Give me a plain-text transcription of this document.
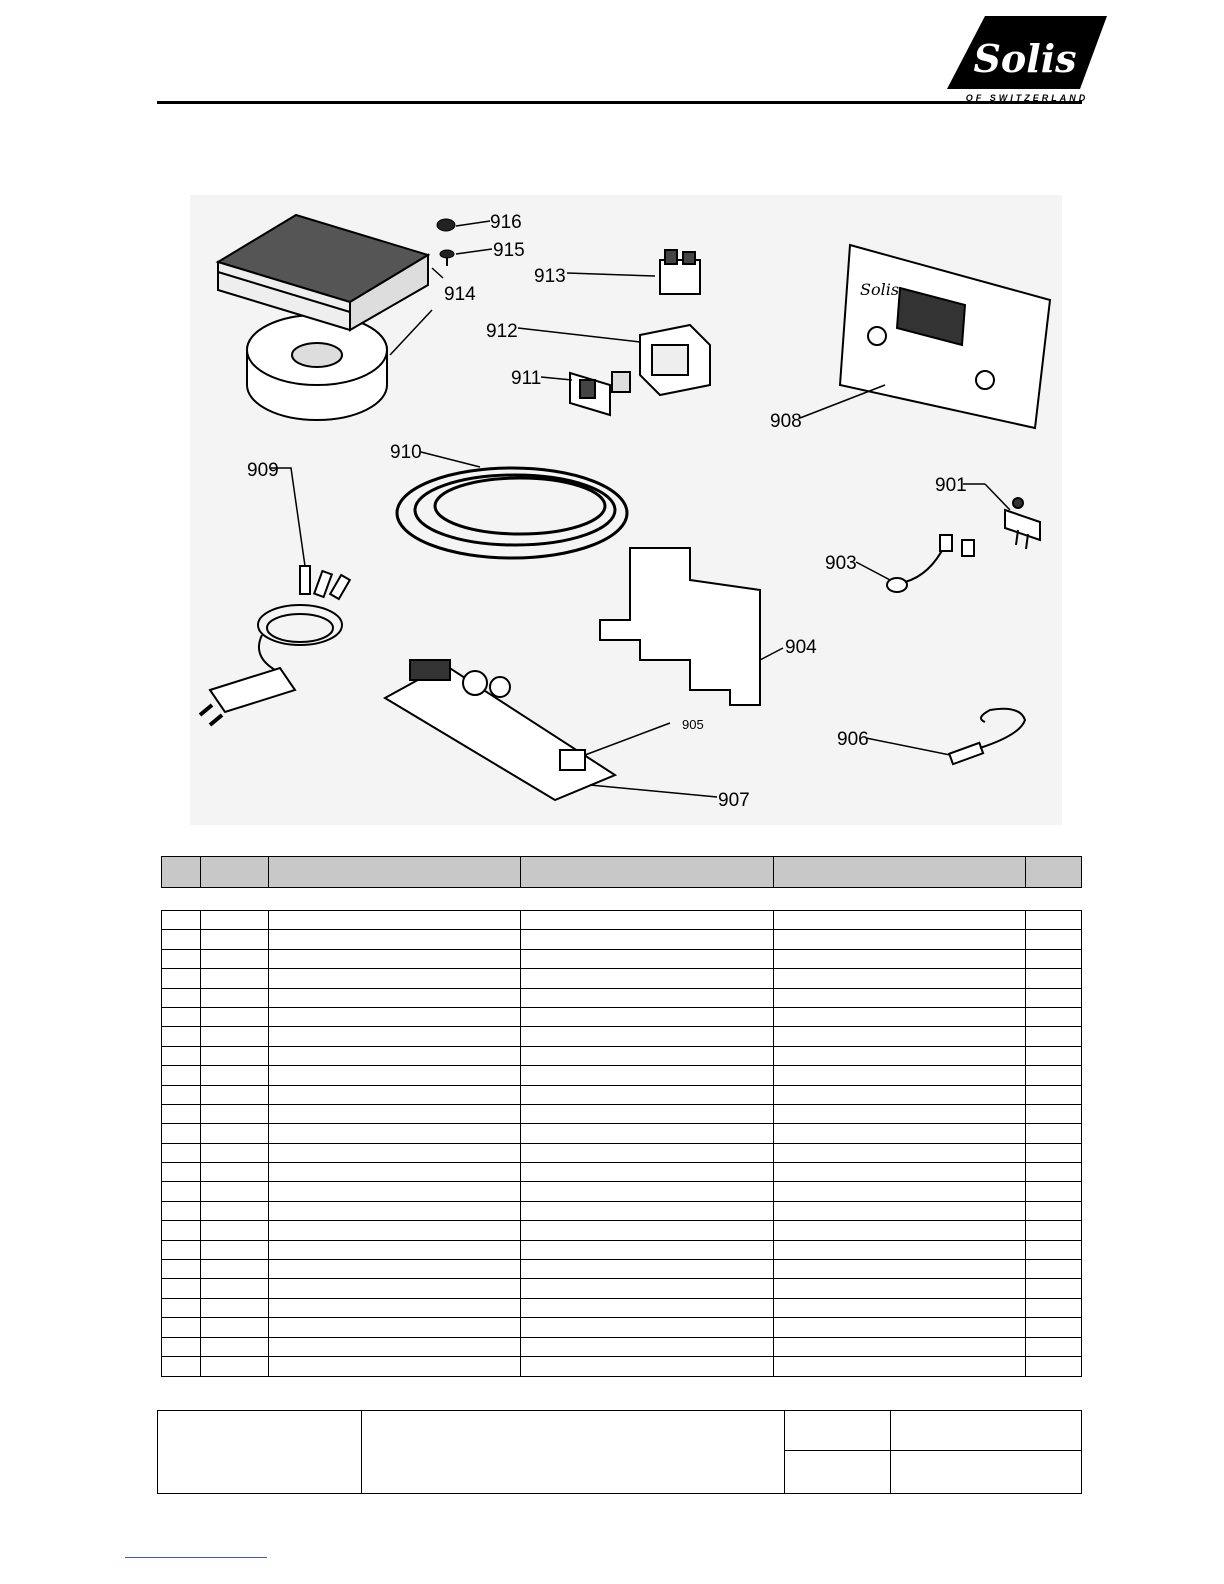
Solis
OF SWITZERLAND
Solis
916
915
914
913
912
911
908
910
909
901
903
904
905
906
907
